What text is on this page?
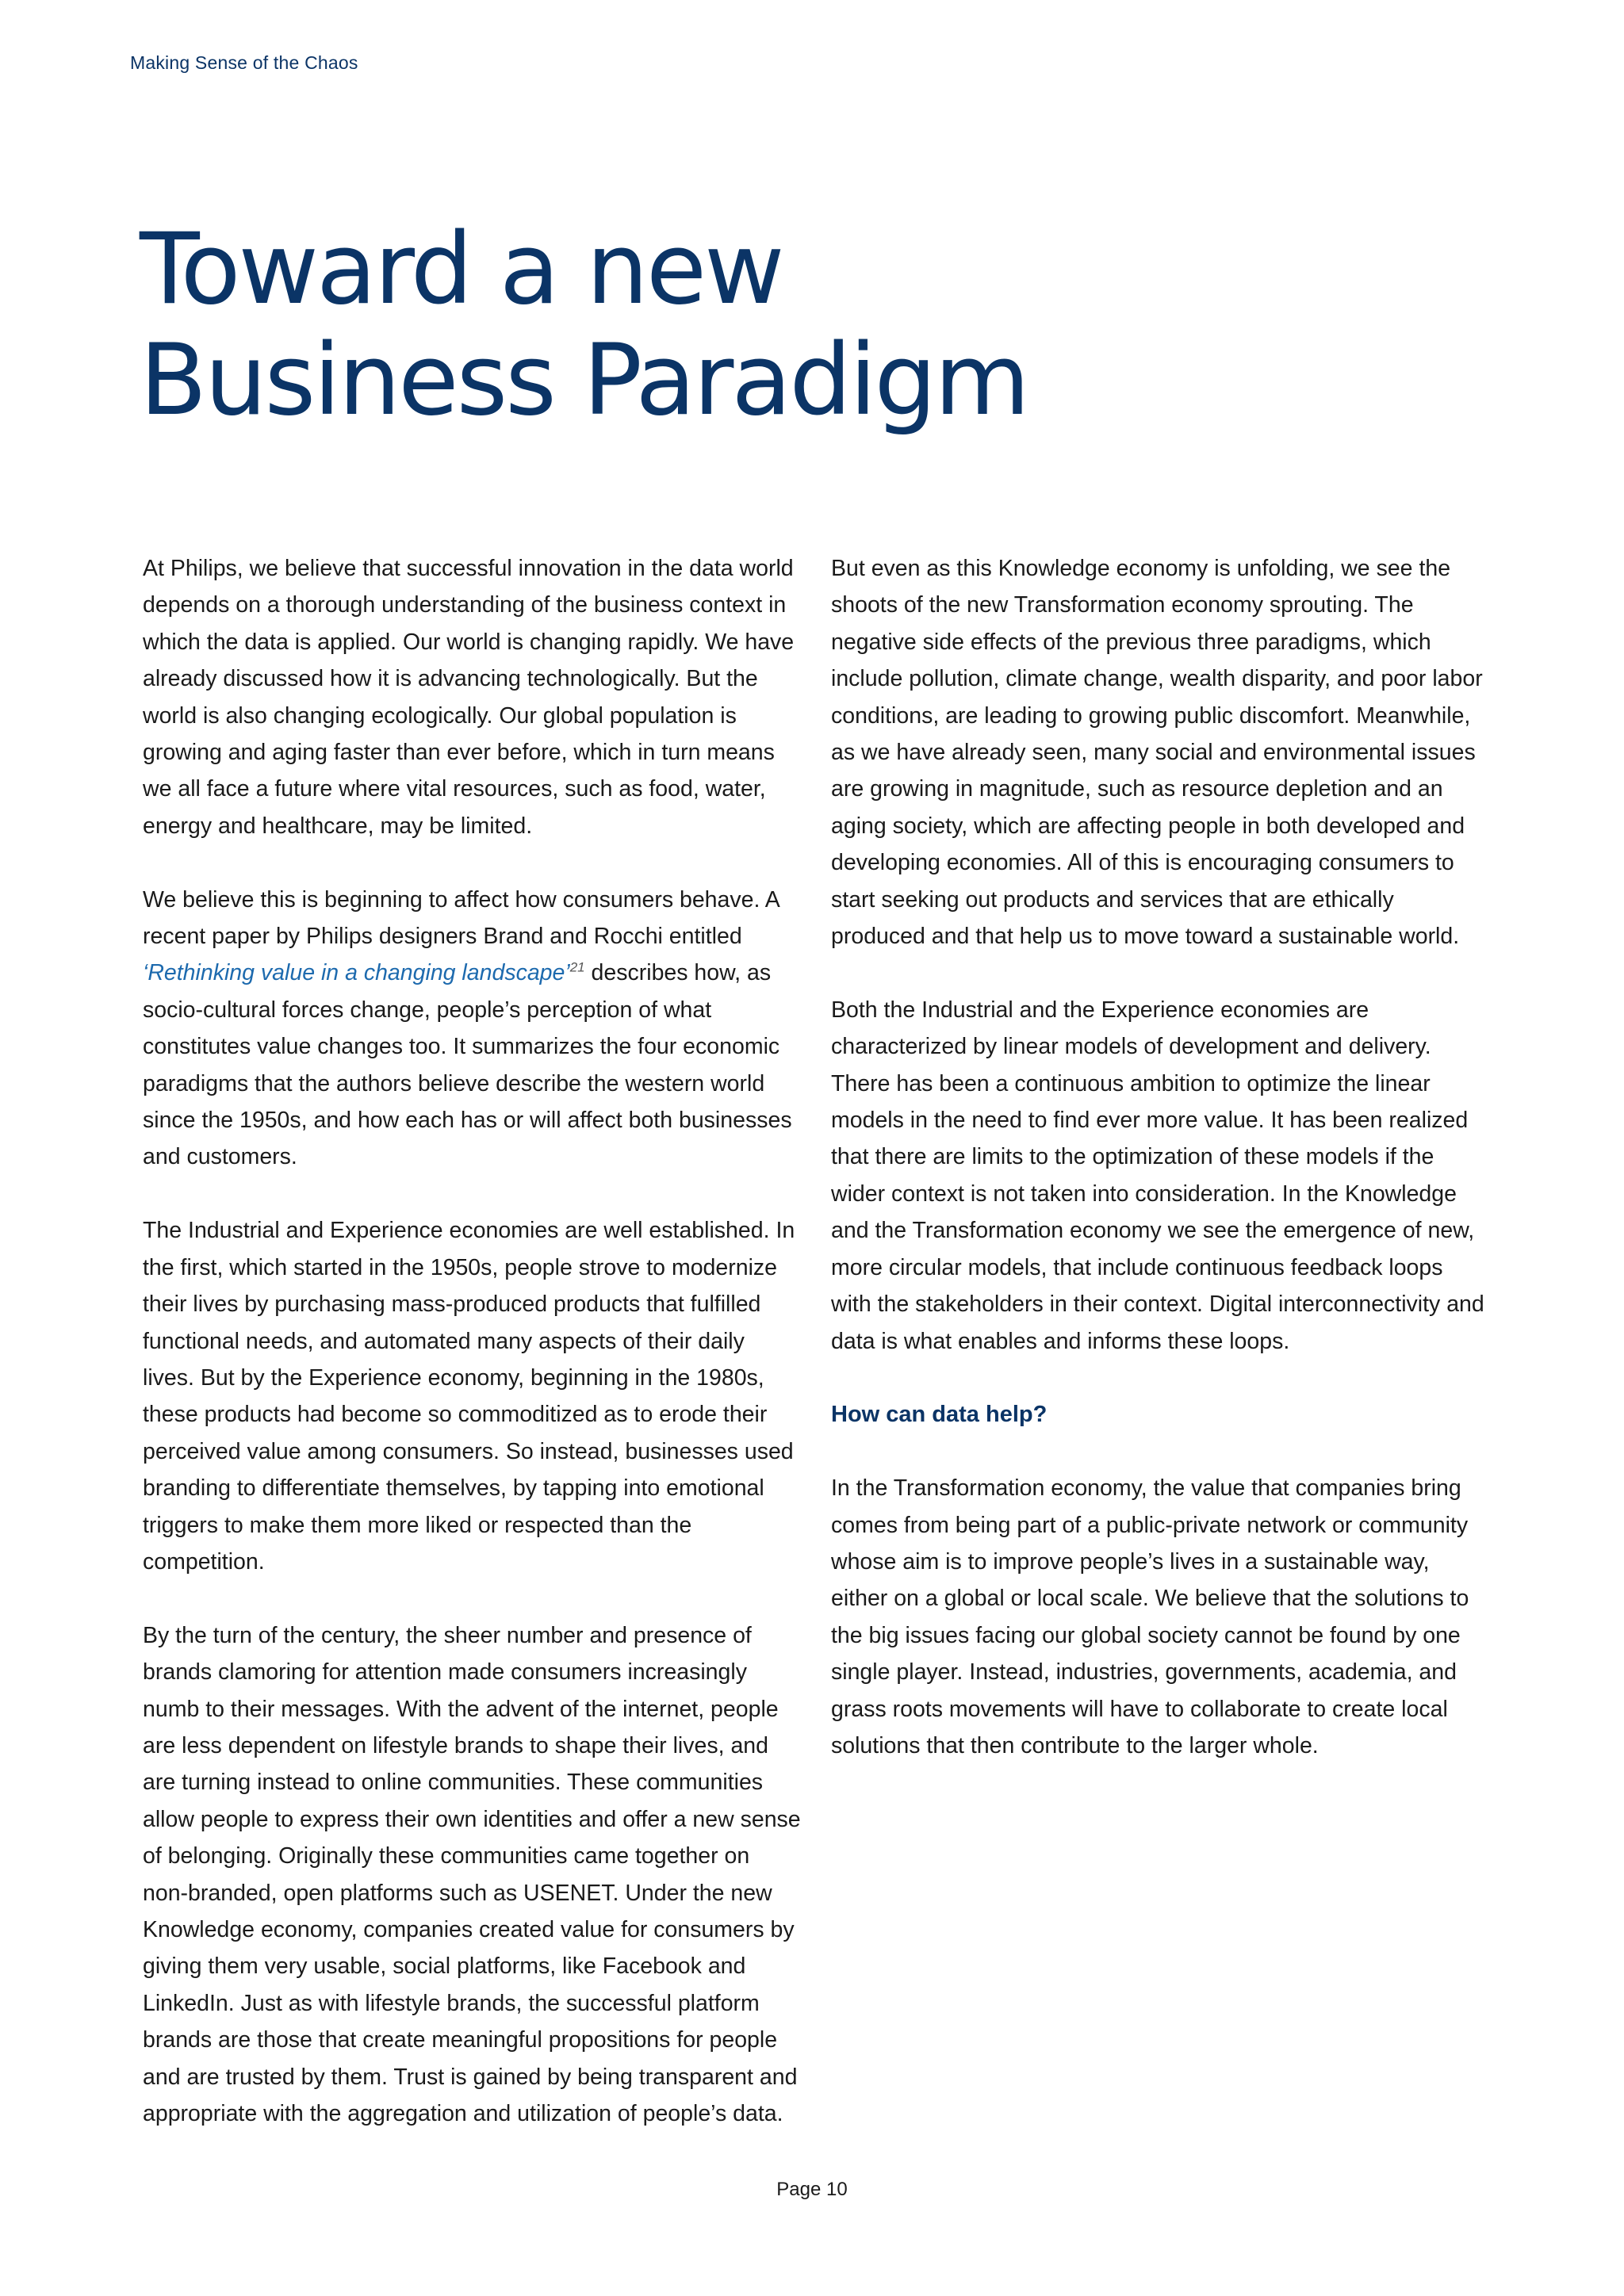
Making Sense of the Chaos
Toward a new
Business Paradigm

At Philips, we believe that successful innovation in the data world depends on a thorough understanding of the business context in which the data is applied. Our world is changing rapidly. We have already discussed how it is advancing technologically. But the world is also changing ecologically. Our global population is growing and aging faster than ever before, which in turn means we all face a future where vital resources, such as food, water, energy and healthcare, may be limited.

We believe this is beginning to affect how consumers behave. A recent paper by Philips designers Brand and Rocchi entitled ‘Rethinking value in a changing landscape’$^{21}$ describes how, as socio-cultural forces change, people’s perception of what constitutes value changes too. It summarizes the four economic paradigms that the authors believe describe the western world since the 1950s, and how each has or will affect both businesses and customers.

The Industrial and Experience economies are well established. In the first, which started in the 1950s, people strove to modernize their lives by purchasing mass-produced products that fulfilled functional needs, and automated many aspects of their daily lives. But by the Experience economy, beginning in the 1980s, these products had become so commoditized as to erode their perceived value among consumers. So instead, businesses used branding to differentiate themselves, by tapping into emotional triggers to make them more liked or respected than the competition.

By the turn of the century, the sheer number and presence of brands clamoring for attention made consumers increasingly numb to their messages. With the advent of the internet, people are less dependent on lifestyle brands to shape their lives, and are turning instead to online communities. These communities allow people to express their own identities and offer a new sense of belonging. Originally these communities came together on non-branded, open platforms such as USENET. Under the new Knowledge economy, companies created value for consumers by giving them very usable, social platforms, like Facebook and LinkedIn. Just as with lifestyle brands, the successful platform brands are those that create meaningful propositions for people and are trusted by them. Trust is gained by being transparent and appropriate with the aggregation and utilization of people’s data.

But even as this Knowledge economy is unfolding, we see the shoots of the new Transformation economy sprouting. The negative side effects of the previous three paradigms, which include pollution, climate change, wealth disparity, and poor labor conditions, are leading to growing public discomfort. Meanwhile, as we have already seen, many social and environmental issues are growing in magnitude, such as resource depletion and an aging society, which are affecting people in both developed and developing economies. All of this is encouraging consumers to start seeking out products and services that are ethically produced and that help us to move toward a sustainable world.

Both the Industrial and the Experience economies are characterized by linear models of development and delivery. There has been a continuous ambition to optimize the linear models in the need to find ever more value. It has been realized that there are limits to the optimization of these models if the wider context is not taken into consideration. In the Knowledge and the Transformation economy we see the emergence of new, more circular models, that include continuous feedback loops with the stakeholders in their context. Digital interconnectivity and data is what enables and informs these loops.

How can data help?

In the Transformation economy, the value that companies bring comes from being part of a public-private network or community whose aim is to improve people’s lives in a sustainable way, either on a global or local scale. We believe that the solutions to the big issues facing our global society cannot be found by one single player. Instead, industries, governments, academia, and grass roots movements will have to collaborate to create local solutions that then contribute to the larger whole.

Page 10
